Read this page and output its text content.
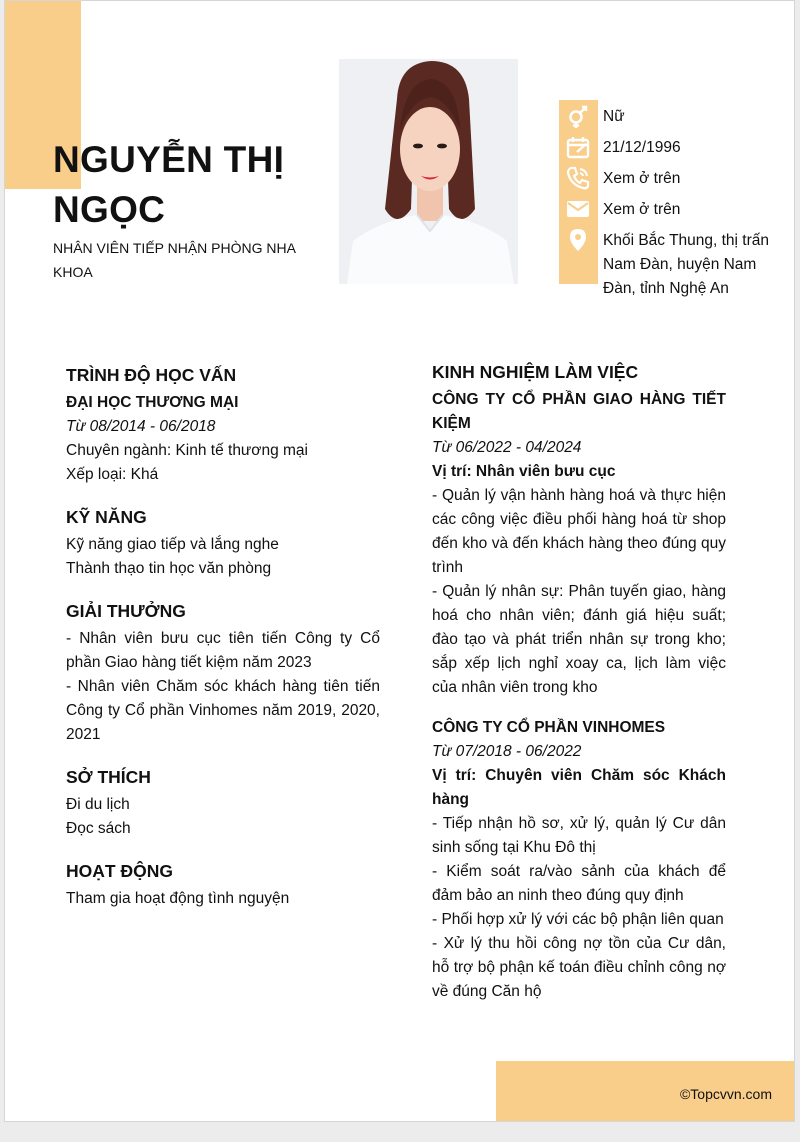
NGUYỄN THỊ
NGỌC
NHÂN VIÊN TIẾP NHẬN PHÒNG NHA KHOA
Nữ
21/12/1996
Xem ở trên
Xem ở trên
Khối Bắc Thung, thị trấn Nam Đàn, huyện Nam Đàn, tỉnh Nghệ An
TRÌNH ĐỘ HỌC VẤN
ĐẠI HỌC THƯƠNG MẠI
Từ 08/2014 - 06/2018
Chuyên ngành: Kinh tế thương mại
Xếp loại: Khá
KỸ NĂNG
Kỹ năng giao tiếp và lắng nghe
Thành thạo tin học văn phòng
GIẢI THƯỞNG
- Nhân viên bưu cục tiên tiến Công ty Cổ phần Giao hàng tiết kiệm năm 2023
- Nhân viên Chăm sóc khách hàng tiên tiến Công ty Cổ phần Vinhomes năm 2019, 2020, 2021
SỞ THÍCH
Đi du lịch
Đọc sách
HOẠT ĐỘNG
Tham gia hoạt động tình nguyện
KINH NGHIỆM LÀM VIỆC
CÔNG TY CỔ PHẦN GIAO HÀNG TIẾT KIỆM
Từ 06/2022 - 04/2024
Vị trí: Nhân viên bưu cục
- Quản lý vận hành hàng hoá và thực hiện các công việc điều phối hàng hoá từ shop đến kho và đến khách hàng theo đúng quy trình
- Quản lý nhân sự: Phân tuyến giao, hàng hoá cho nhân viên; đánh giá hiệu suất; đào tạo và phát triển nhân sự trong kho; sắp xếp lịch nghỉ xoay ca, lịch làm việc của nhân viên trong kho
CÔNG TY CỔ PHẦN VINHOMES
Từ 07/2018 - 06/2022
Vị trí: Chuyên viên Chăm sóc Khách hàng
- Tiếp nhận hồ sơ, xử lý, quản lý Cư dân sinh sống tại Khu Đô thị
- Kiểm soát ra/vào sảnh của khách để đảm bảo an ninh theo đúng quy định
- Phối hợp xử lý với các bộ phận liên quan
- Xử lý thu hồi công nợ tồn của Cư dân, hỗ trợ bộ phận kế toán điều chỉnh công nợ về đúng Căn hộ
©Topcvvn.com
